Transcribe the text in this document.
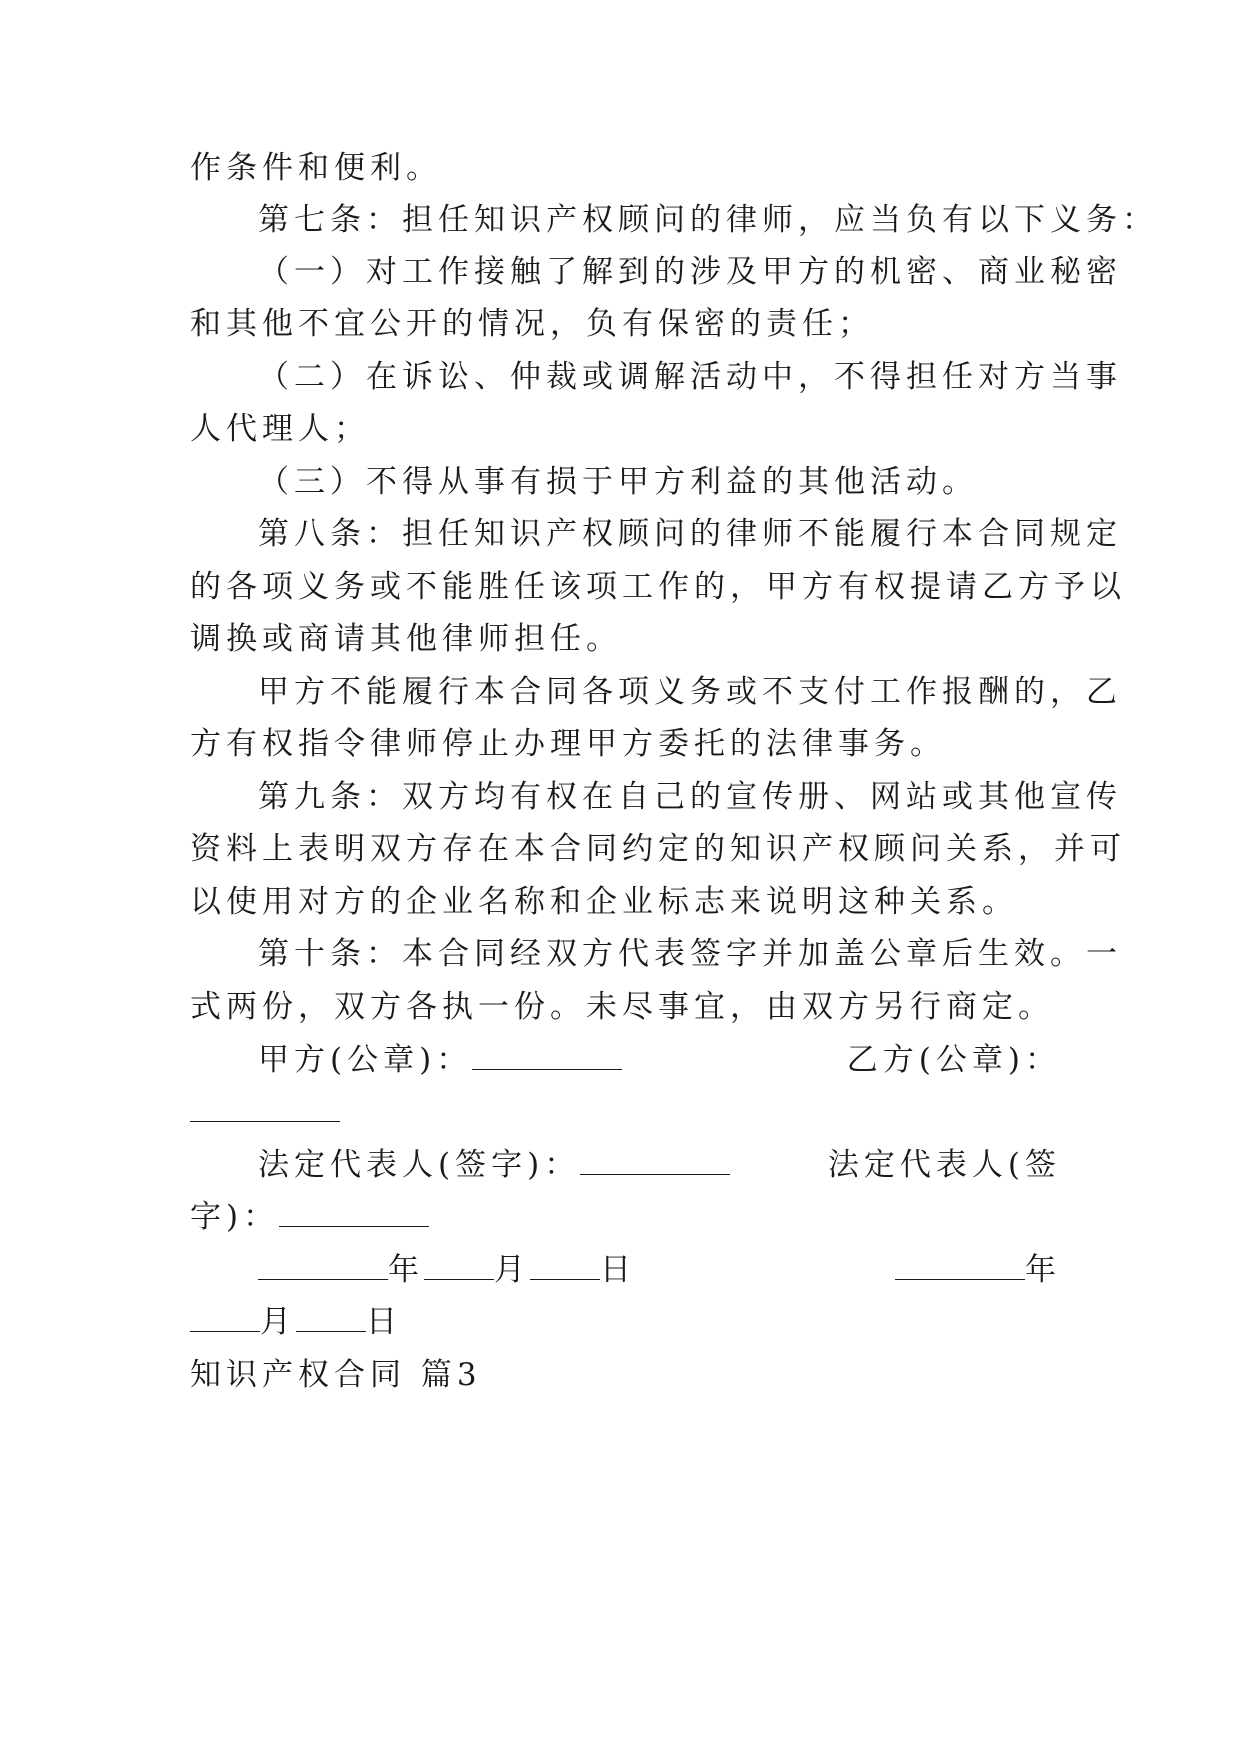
作条件和便利。
第七条：担任知识产权顾问的律师，应当负有以下义务：
（一）对工作接触了解到的涉及甲方的机密、商业秘密
和其他不宜公开的情况，负有保密的责任；
（二）在诉讼、仲裁或调解活动中，不得担任对方当事
人代理人；
（三）不得从事有损于甲方利益的其他活动。
第八条：担任知识产权顾问的律师不能履行本合同规定
的各项义务或不能胜任该项工作的，甲方有权提请乙方予以
调换或商请其他律师担任。
甲方不能履行本合同各项义务或不支付工作报酬的，乙
方有权指令律师停止办理甲方委托的法律事务。
第九条：双方均有权在自己的宣传册、网站或其他宣传
资料上表明双方存在本合同约定的知识产权顾问关系，并可
以使用对方的企业名称和企业标志来说明这种关系。
第十条：本合同经双方代表签字并加盖公章后生效。一
式两份，双方各执一份。未尽事宜，由双方另行商定。
甲方(公章)：	乙方(公章)：
法定代表人(签字)：	法定代表人(签
字)：
年 月 日	年
月 日
知识产权合同 篇3
